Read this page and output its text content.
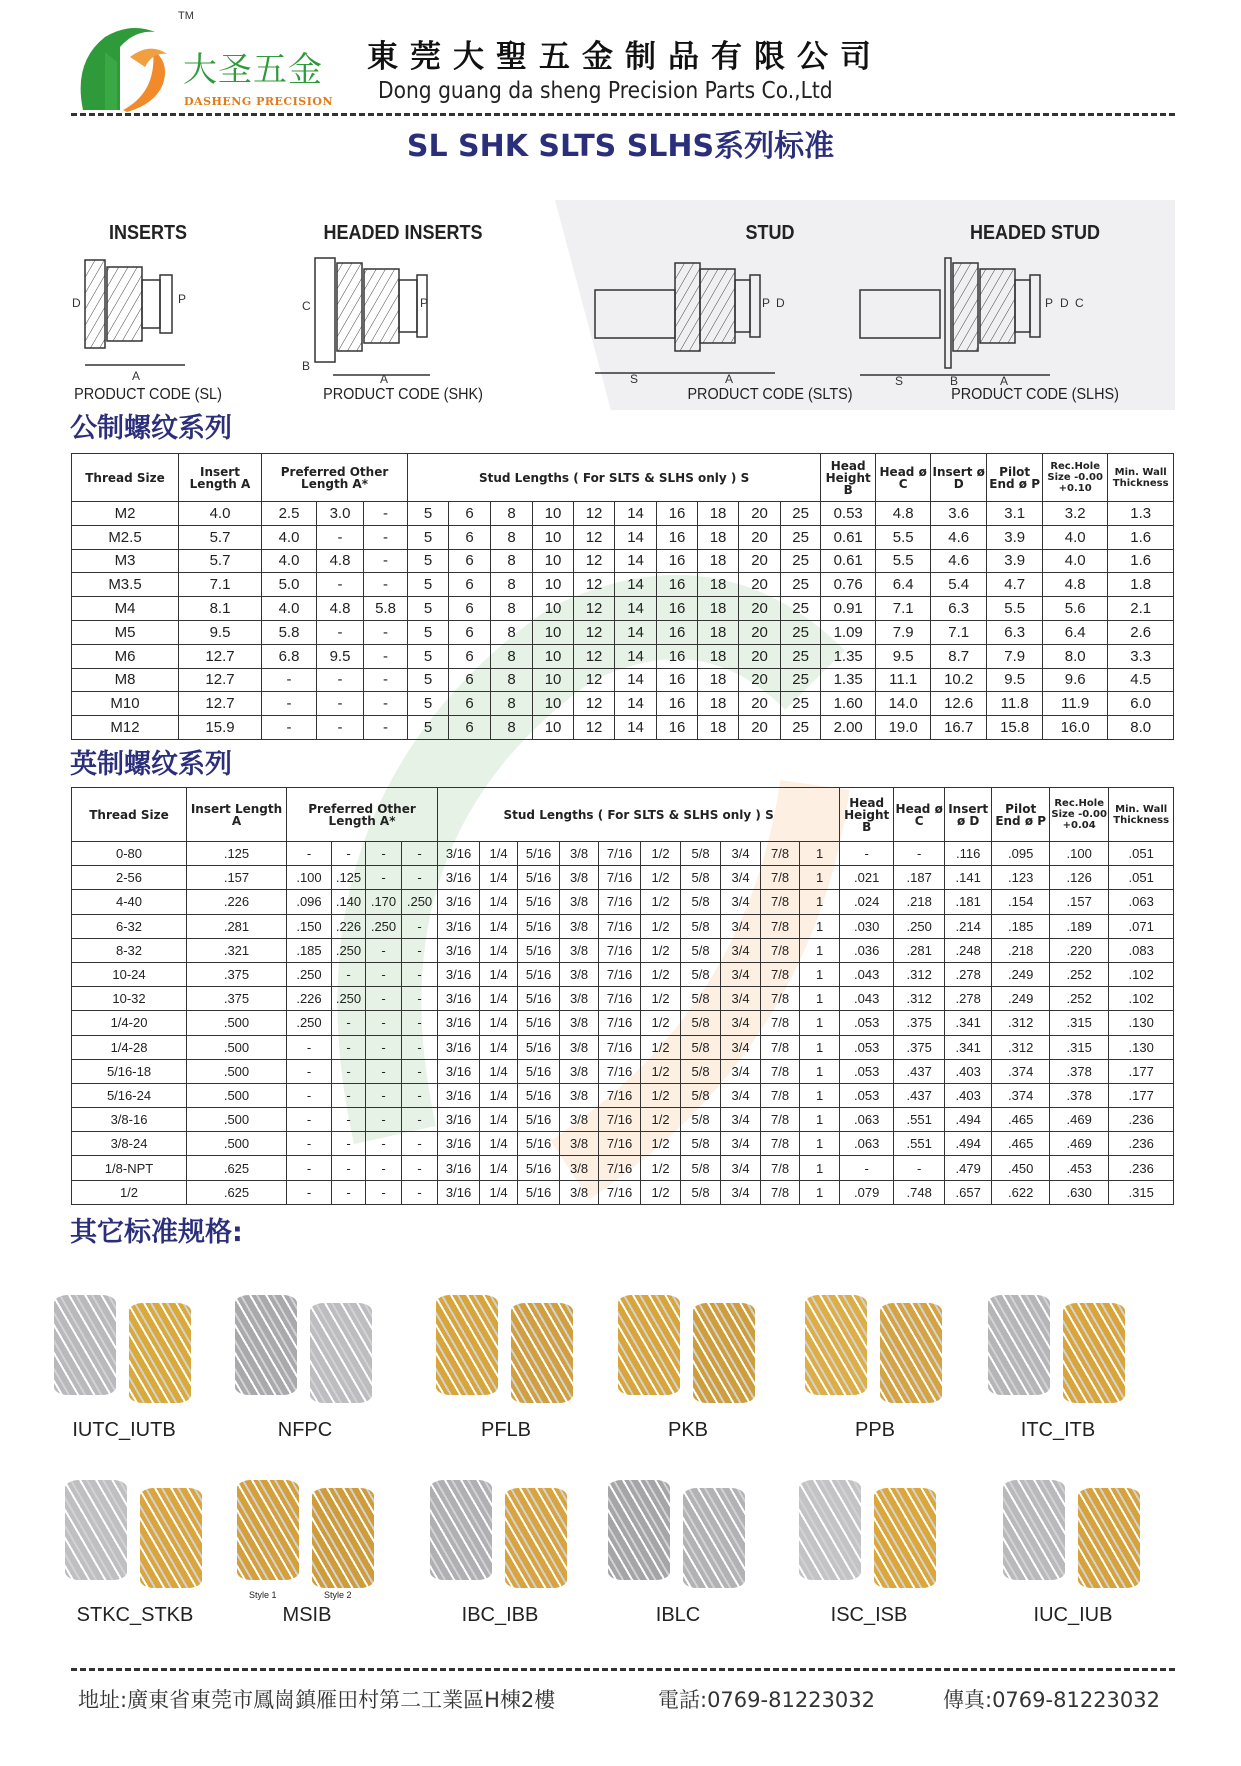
TM
大圣五金
DASHENG PRECISION
東莞大聖五金制品有限公司
Dong guang da sheng Precision Parts Co.,Ltd
SL SHK SLTS SLHS系列标准
INSERTS	HEADED INSERTS	STUD	HEADED STUD
D	P
A
C	P
B
A
P D
S	A
P D C
S	B	A
PRODUCT CODE (SL)	PRODUCT CODE (SHK)	PRODUCT CODE (SLTS)	PRODUCT CODE (SLHS)
公制螺纹系列
Thread Size	Insert Length A	Preferred Other Length A*			Stud Lengths ( For SLTS & SLHS only ) S										Head Height B	Head ø C	Insert ø D	Pilot End ø P	Rec.Hole Size -0.00 +0.10	Min. Wall Thickness
M2	4.0	2.5	3.0	-	5	6	8	10	12	14	16	18	20	25	0.53	4.8	3.6	3.1	3.2	1.3
M2.5	5.7	4.0	-	-	5	6	8	10	12	14	16	18	20	25	0.61	5.5	4.6	3.9	4.0	1.6
M3	5.7	4.0	4.8	-	5	6	8	10	12	14	16	18	20	25	0.61	5.5	4.6	3.9	4.0	1.6
M3.5	7.1	5.0	-	-	5	6	8	10	12	14	16	18	20	25	0.76	6.4	5.4	4.7	4.8	1.8
M4	8.1	4.0	4.8	5.8	5	6	8	10	12	14	16	18	20	25	0.91	7.1	6.3	5.5	5.6	2.1
M5	9.5	5.8	-	-	5	6	8	10	12	14	16	18	20	25	1.09	7.9	7.1	6.3	6.4	2.6
M6	12.7	6.8	9.5	-	5	6	8	10	12	14	16	18	20	25	1.35	9.5	8.7	7.9	8.0	3.3
M8	12.7	-	-	-	5	6	8	10	12	14	16	18	20	25	1.35	11.1	10.2	9.5	9.6	4.5
M10	12.7	-	-	-	5	6	8	10	12	14	16	18	20	25	1.60	14.0	12.6	11.8	11.9	6.0
M12	15.9	-	-	-	5	6	8	10	12	14	16	18	20	25	2.00	19.0	16.7	15.8	16.0	8.0
英制螺纹系列
Thread Size	Insert Length A	Preferred Other Length A*				Stud Lengths ( For SLTS & SLHS only ) S										Head Height B	Head ø C	Insert ø D	Pilot End ø P	Rec.Hole Size -0.00 +0.04	Min. Wall Thickness
0-80	.125	-	-	-	-	3/16	1/4	5/16	3/8	7/16	1/2	5/8	3/4	7/8	1	-	-	.116	.095	.100	.051
2-56	.157	.100	.125	-	-	3/16	1/4	5/16	3/8	7/16	1/2	5/8	3/4	7/8	1	.021	.187	.141	.123	.126	.051
4-40	.226	.096	.140	.170	.250	3/16	1/4	5/16	3/8	7/16	1/2	5/8	3/4	7/8	1	.024	.218	.181	.154	.157	.063
6-32	.281	.150	.226	.250	-	3/16	1/4	5/16	3/8	7/16	1/2	5/8	3/4	7/8	1	.030	.250	.214	.185	.189	.071
8-32	.321	.185	.250	-	-	3/16	1/4	5/16	3/8	7/16	1/2	5/8	3/4	7/8	1	.036	.281	.248	.218	.220	.083
10-24	.375	.250	-	-	-	3/16	1/4	5/16	3/8	7/16	1/2	5/8	3/4	7/8	1	.043	.312	.278	.249	.252	.102
10-32	.375	.226	.250	-	-	3/16	1/4	5/16	3/8	7/16	1/2	5/8	3/4	7/8	1	.043	.312	.278	.249	.252	.102
1/4-20	.500	.250	-	-	-	3/16	1/4	5/16	3/8	7/16	1/2	5/8	3/4	7/8	1	.053	.375	.341	.312	.315	.130
1/4-28	.500	-	-	-	-	3/16	1/4	5/16	3/8	7/16	1/2	5/8	3/4	7/8	1	.053	.375	.341	.312	.315	.130
5/16-18	.500	-	-	-	-	3/16	1/4	5/16	3/8	7/16	1/2	5/8	3/4	7/8	1	.053	.437	.403	.374	.378	.177
5/16-24	.500	-	-	-	-	3/16	1/4	5/16	3/8	7/16	1/2	5/8	3/4	7/8	1	.053	.437	.403	.374	.378	.177
3/8-16	.500	-	-	-	-	3/16	1/4	5/16	3/8	7/16	1/2	5/8	3/4	7/8	1	.063	.551	.494	.465	.469	.236
3/8-24	.500	-	-	-	-	3/16	1/4	5/16	3/8	7/16	1/2	5/8	3/4	7/8	1	.063	.551	.494	.465	.469	.236
1/8-NPT	.625	-	-	-	-	3/16	1/4	5/16	3/8	7/16	1/2	5/8	3/4	7/8	1	-	-	.479	.450	.453	.236
1/2	.625	-	-	-	-	3/16	1/4	5/16	3/8	7/16	1/2	5/8	3/4	7/8	1	.079	.748	.657	.622	.630	.315
其它标准规格:
IUTC_IUTB	NFPC	PFLB	PKB	PPB	ITC_ITB
STKC_STKB
Style 1	Style 2
MSIB	IBC_IBB	IBLC	ISC_ISB	IUC_IUB
地址:廣東省東莞市鳳崗鎮雁田村第二工業區H棟2樓	電話:0769-81223032	傳真:0769-81223032
